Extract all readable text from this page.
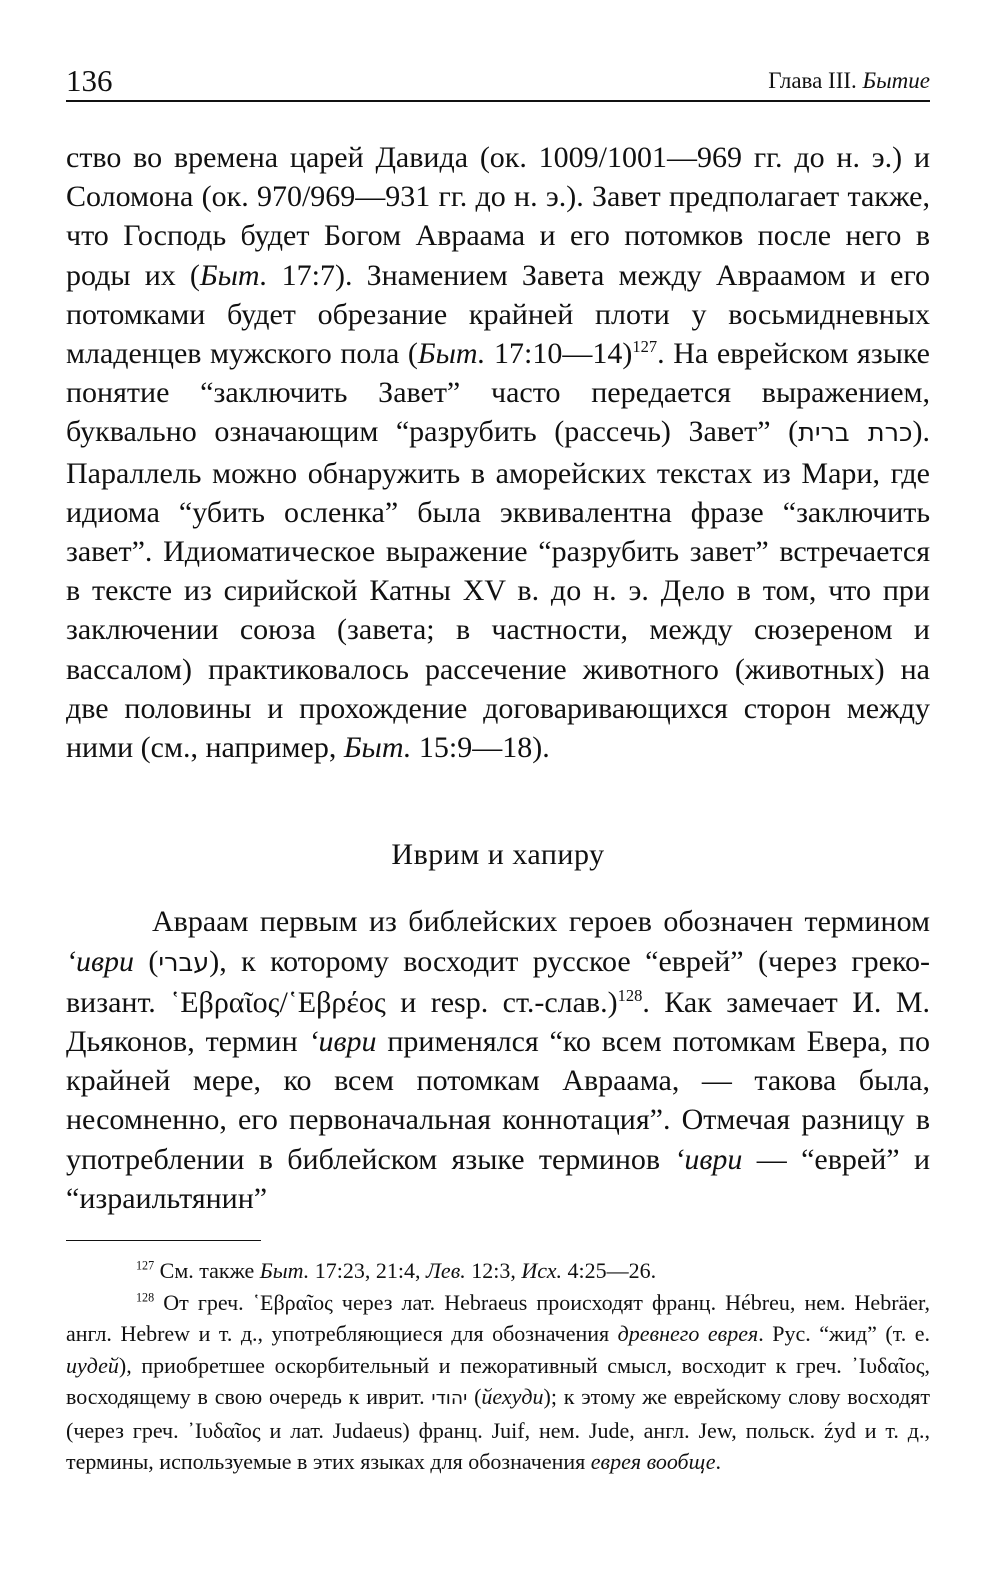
136	Глава III. Бытие

ство во времена царей Давида (ок. 1009/1001—969 гг. до н. э.) и Соломона (ок. 970/969—931 гг. до н. э.). Завет предполагает также, что Господь будет Богом Авраама и его потомков после него в роды их (Быт. 17:7). Знамением Завета между Авраамом и его потомками будет обрезание крайней плоти у восьмидневных младенцев мужского пола (Быт. 17:10—14)$^{127}$. На еврейском языке понятие “заключить Завет” часто передается выражением, буквально означающим “разрубить (рассечь) Завет” (כרת ברית). Параллель можно обнаружить в аморейских текстах из Мари, где идиома “убить осленка” была эквивалентна фразе “заключить завет”. Идиоматическое выражение “разрубить завет” встречается в тексте из сирийской Катны XV в. до н. э. Дело в том, что при заключении союза (завета; в частности, между сюзереном и вассалом) практиковалось рассечение животного (животных) на две половины и прохождение договаривающихся сторон между ними (см., например, Быт. 15:9—18).

Иврим и хапиру

Авраам первым из библейских героев обозначен термином ‘иври (עברי), к которому восходит русское “еврей” (через греко-визант. ῾Εβραῖος/῾Εβρέος и resp. ст.-слав.)$^{128}$. Как замечает И. М. Дьяконов, термин ‘иври применялся “ко всем потомкам Евера, по крайней мере, ко всем потомкам Авраама, — такова была, несомненно, его первоначальная коннотация”. Отмечая разницу в употреблении в библейском языке терминов ‘иври — “еврей” и “израильтянин”

$^{127}$ См. также Быт. 17:23, 21:4, Лев. 12:3, Исх. 4:25—26.

$^{128}$ От греч. ῾Εβραῖος через лат. Hebraeus происходят франц. Hébreu, нем. Hebräer, англ. Hebrew и т. д., употребляющиеся для обозначения древнего еврея. Рус. “жид” (т. е. иудей), приобретшее оскорбительный и пежоративный смысл, восходит к греч. ᾽Ιυδαῖος, восходящему в свою очередь к иврит. יהודי (йехуди); к этому же еврейскому слову восходят (через греч. ᾽Ιυδαῖος и лат. Judaeus) франц. Juif, нем. Jude, англ. Jew, польск. źyd и т. д., термины, используемые в этих языках для обозначения еврея вообще.
